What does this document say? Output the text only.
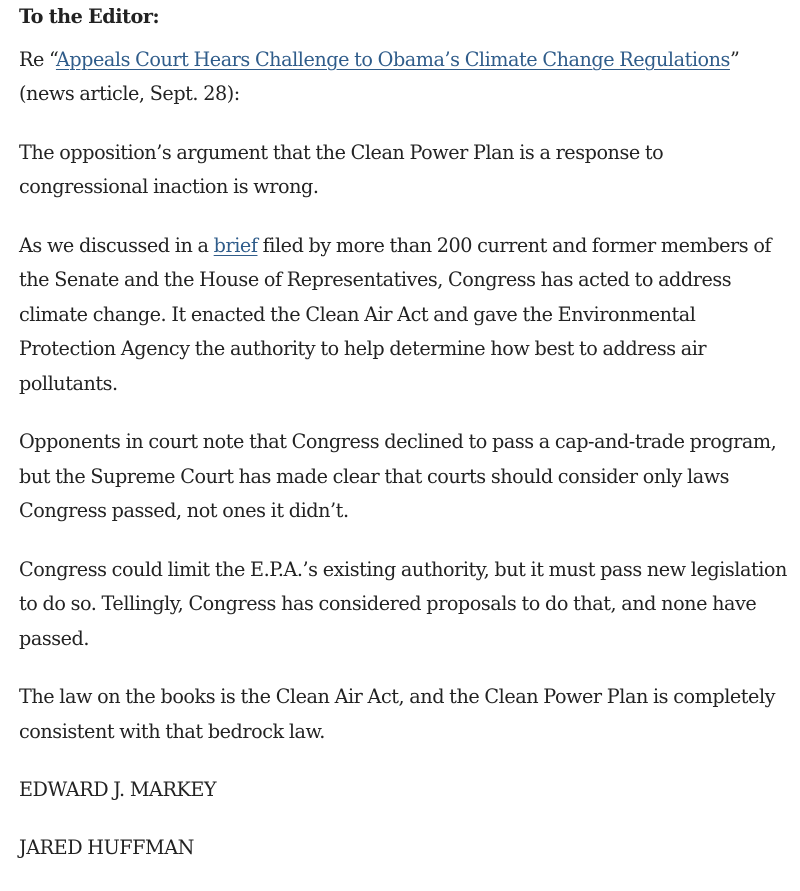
To the Editor:

Re “Appeals Court Hears Challenge to Obama’s Climate Change Regulations” (news article, Sept. 28):

The opposition’s argument that the Clean Power Plan is a response to congressional inaction is wrong.

As we discussed in a brief filed by more than 200 current and former members of the Senate and the House of Representatives, Congress has acted to address climate change. It enacted the Clean Air Act and gave the Environmental Protection Agency the authority to help determine how best to address air pollutants.

Opponents in court note that Congress declined to pass a cap-and-trade program, but the Supreme Court has made clear that courts should consider only laws Congress passed, not ones it didn’t.

Congress could limit the E.P.A.’s existing authority, but it must pass new legislation to do so. Tellingly, Congress has considered proposals to do that, and none have passed.

The law on the books is the Clean Air Act, and the Clean Power Plan is completely consistent with that bedrock law.

EDWARD J. MARKEY

JARED HUFFMAN
